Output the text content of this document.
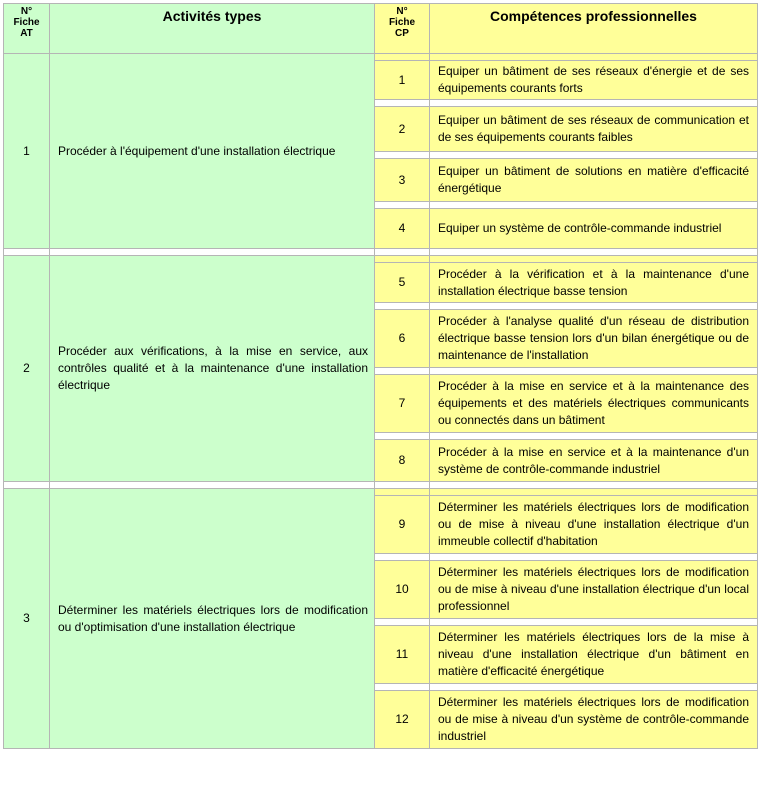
N°
Fiche
AT	Activités types	N°
Fiche
CP	Compétences professionnelles
1	Procéder à l'équipement d'une installation électrique		
		1	Equiper un bâtiment de ses réseaux d'énergie et de ses équipements courants forts

		2	Equiper un bâtiment de ses réseaux de communication et de ses équipements courants faibles

		3	Equiper un bâtiment de solutions en matière d'efficacité énergétique

		4	Equiper un système de contrôle-commande industriel

2	Procéder aux vérifications, à la mise en service, aux contrôles qualité et à la maintenance d'une installation électrique		
		5	Procéder à la vérification et à la maintenance d'une installation électrique basse tension

		6	Procéder à l'analyse qualité d'un réseau de distribution électrique basse tension lors d'un bilan énergétique ou de maintenance de l'installation

		7	Procéder à la mise en service et à la maintenance des équipements et des matériels électriques communicants ou connectés dans un bâtiment

		8	Procéder à la mise en service et à la maintenance d'un système de contrôle-commande industriel

3	Déterminer les matériels électriques lors de modification ou d'optimisation d'une installation électrique		
		9	Déterminer les matériels électriques lors de modification ou de mise à niveau d'une installation électrique d'un immeuble collectif d'habitation

		10	Déterminer les matériels électriques lors de modification ou de mise à niveau d'une installation électrique d'un local professionnel

		11	Déterminer les matériels électriques lors de la mise à niveau d'une installation électrique d'un bâtiment en matière d'efficacité énergétique

		12	Déterminer les matériels électriques lors de modification ou de mise à niveau d'un système de contrôle-commande industriel
